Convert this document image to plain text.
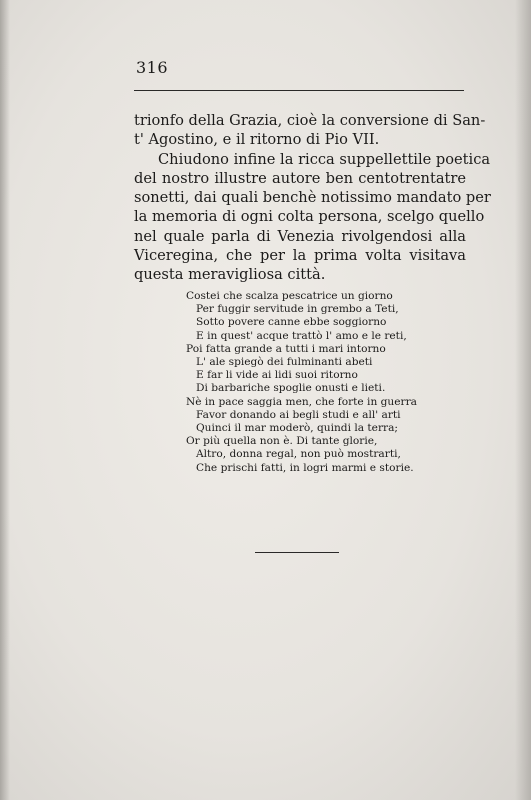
316
trionfo della Grazia, cioè la conversione di San-
t' Agostino, e il ritorno di Pio VII.
Chiudono infine la ricca suppellettile poetica
del nostro illustre autore ben centotrentatre
sonetti, dai quali benchè notissimo mandato per
la memoria di ogni colta persona, scelgo quello
nel quale parla di Venezia rivolgendosi alla
Viceregina, che per la prima volta visitava
questa meravigliosa città.
Costei che scalza pescatrice un giorno
Per fuggir servitude in grembo a Teti,
Sotto povere canne ebbe soggiorno
E in quest' acque trattò l' amo e le reti,
Poi fatta grande a tutti i mari intorno
L' ale spiegò dei fulminanti abeti
E far li vide ai lidi suoi ritorno
Di barbariche spoglie onusti e lieti.
Nè in pace saggia men, che forte in guerra
Favor donando ai begli studi e all' arti
Quinci il mar moderò, quindi la terra;
Or più quella non è. Di tante glorie,
Altro, donna regal, non può mostrarti,
Che prischi fatti, in logri marmi e storie.
